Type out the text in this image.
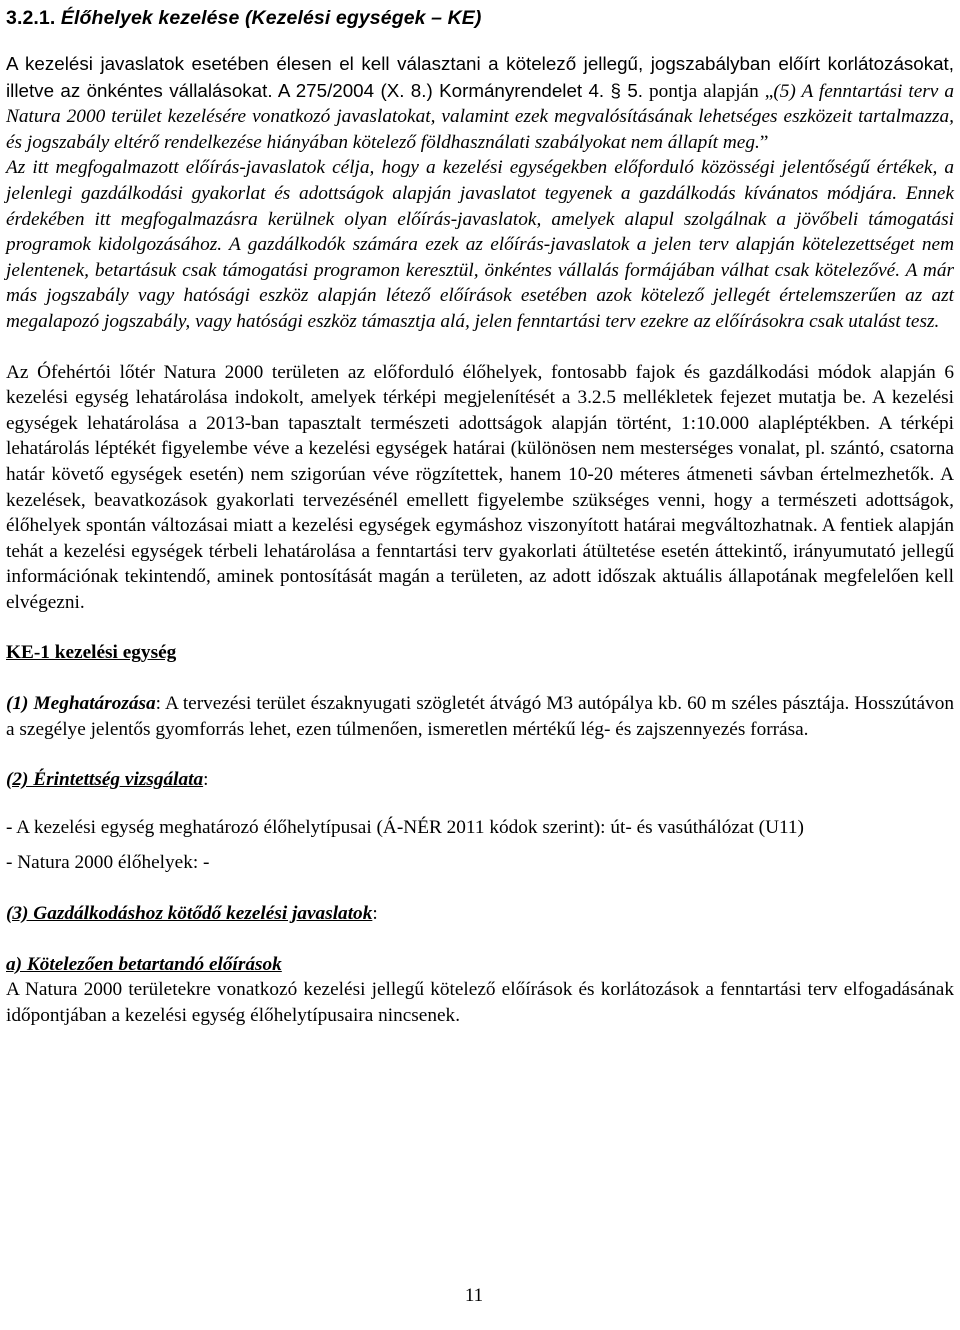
3.2.1. Élőhelyek kezelése (Kezelési egységek – KE)

A kezelési javaslatok esetében élesen el kell választani a kötelező jellegű, jogszabályban előírt korlátozásokat, illetve az önkéntes vállalásokat. A 275/2004 (X. 8.) Kormányrendelet 4. § 5. pontja alapján „(5) A fenntartási terv a Natura 2000 terület kezelésére vonatkozó javaslatokat, valamint ezek megvalósításának lehetséges eszközeit tartalmazza, és jogszabály eltérő rendelkezése hiányában kötelező földhasználati szabályokat nem állapít meg.”

Az itt megfogalmazott előírás-javaslatok célja, hogy a kezelési egységekben előforduló közösségi jelentőségű értékek, a jelenlegi gazdálkodási gyakorlat és adottságok alapján javaslatot tegyenek a gazdálkodás kívánatos módjára. Ennek érdekében itt megfogalmazásra kerülnek olyan előírás-javaslatok, amelyek alapul szolgálnak a jövőbeli támogatási programok kidolgozásához. A gazdálkodók számára ezek az előírás-javaslatok a jelen terv alapján kötelezettséget nem jelentenek, betartásuk csak támogatási programon keresztül, önkéntes vállalás formájában válhat csak kötelezővé. A már más jogszabály vagy hatósági eszköz alapján létező előírások esetében azok kötelező jellegét értelemszerűen az azt megalapozó jogszabály, vagy hatósági eszköz támasztja alá, jelen fenntartási terv ezekre az előírásokra csak utalást tesz.

Az Ófehértói lőtér Natura 2000 területen az előforduló élőhelyek, fontosabb fajok és gazdálkodási módok alapján 6 kezelési egység lehatárolása indokolt, amelyek térképi megjelenítését a 3.2.5 mellékletek fejezet mutatja be. A kezelési egységek lehatárolása a 2013-ban tapasztalt természeti adottságok alapján történt, 1:10.000 alapléptékben. A térképi lehatárolás léptékét figyelembe véve a kezelési egységek határai (különösen nem mesterséges vonalat, pl. szántó, csatorna határ követő egységek esetén) nem szigorúan véve rögzítettek, hanem 10-20 méteres átmeneti sávban értelmezhetők. A kezelések, beavatkozások gyakorlati tervezésénél emellett figyelembe szükséges venni, hogy a természeti adottságok, élőhelyek spontán változásai miatt a kezelési egységek egymáshoz viszonyított határai megváltozhatnak. A fentiek alapján tehát a kezelési egységek térbeli lehatárolása a fenntartási terv gyakorlati átültetése esetén áttekintő, irányumutató jellegű információnak tekintendő, aminek pontosítását magán a területen, az adott időszak aktuális állapotának megfelelően kell elvégezni.

KE-1 kezelési egység

(1) Meghatározása: A tervezési terület északnyugati szögletét átvágó M3 autópálya kb. 60 m széles pásztája. Hosszútávon a szegélye jelentős gyomforrás lehet, ezen túlmenően, ismeretlen mértékű lég- és zajszennyezés forrása.

(2) Érintettség vizsgálata:

- A kezelési egység meghatározó élőhelytípusai (Á-NÉR 2011 kódok szerint): út- és vasúthálózat (U11)

- Natura 2000 élőhelyek: -

(3) Gazdálkodáshoz kötődő kezelési javaslatok:

a) Kötelezően betartandó előírások

A Natura 2000 területekre vonatkozó kezelési jellegű kötelező előírások és korlátozások a fenntartási terv elfogadásának időpontjában a kezelési egység élőhelytípusaira nincsenek.

11
